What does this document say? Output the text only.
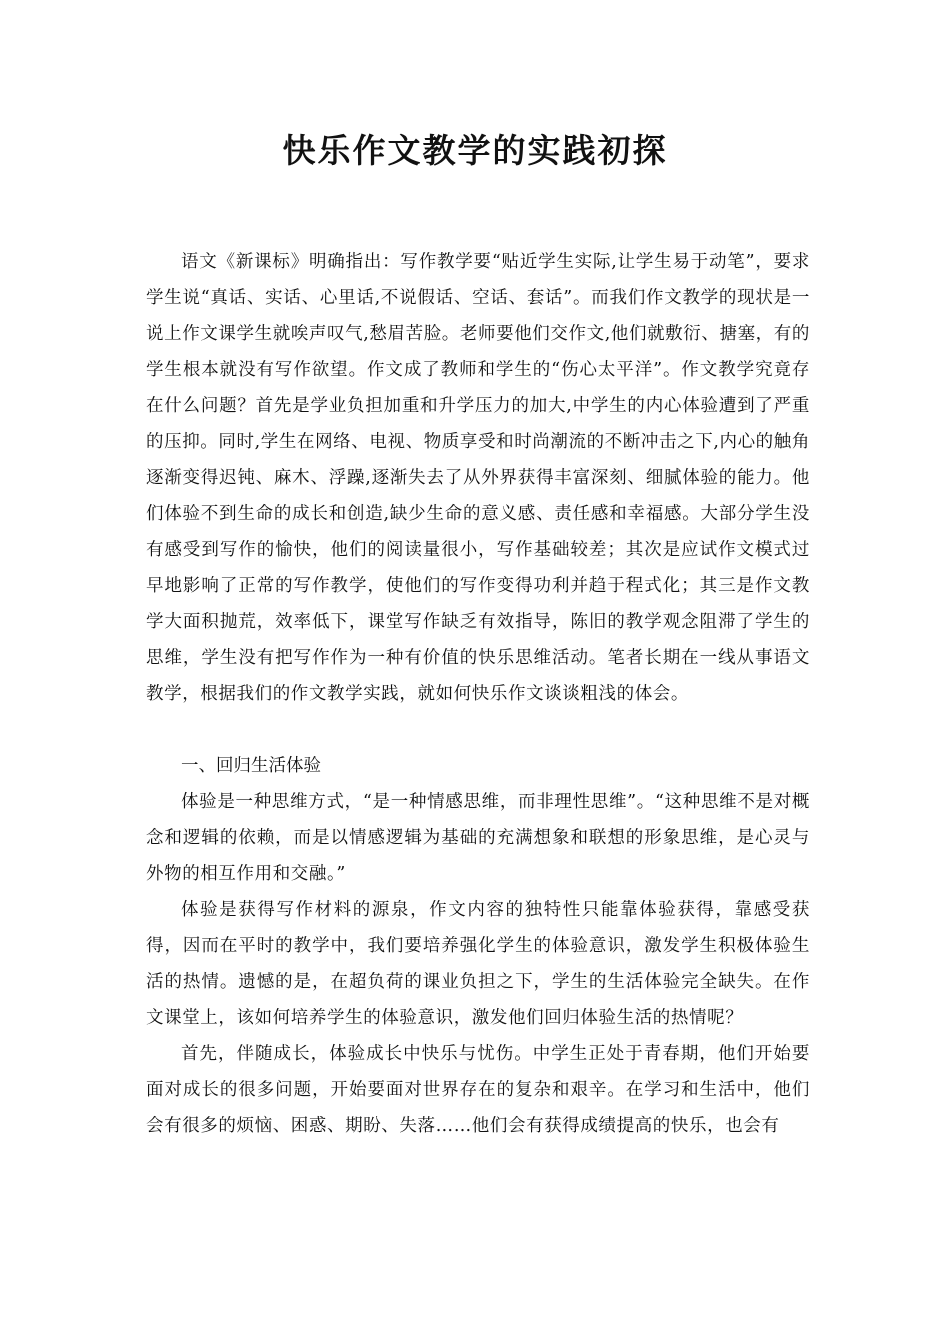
快乐作文教学的实践初探

语文《新课标》明确指出：写作教学要“贴近学生实际,让学生易于动笔”，要求学生说“真话、实话、心里话,不说假话、空话、套话”。而我们作文教学的现状是一说上作文课学生就唉声叹气,愁眉苦脸。老师要他们交作文,他们就敷衍、搪塞，有的学生根本就没有写作欲望。作文成了教师和学生的“伤心太平洋”。作文教学究竟存在什么问题？首先是学业负担加重和升学压力的加大,中学生的内心体验遭到了严重的压抑。同时,学生在网络、电视、物质享受和时尚潮流的不断冲击之下,内心的触角逐渐变得迟钝、麻木、浮躁,逐渐失去了从外界获得丰富深刻、细腻体验的能力。他们体验不到生命的成长和创造,缺少生命的意义感、责任感和幸福感。大部分学生没有感受到写作的愉快，他们的阅读量很小，写作基础较差；其次是应试作文模式过早地影响了正常的写作教学，使他们的写作变得功利并趋于程式化；其三是作文教学大面积抛荒，效率低下，课堂写作缺乏有效指导，陈旧的教学观念阻滞了学生的思维，学生没有把写作作为一种有价值的快乐思维活动。笔者长期在一线从事语文教学，根据我们的作文教学实践，就如何快乐作文谈谈粗浅的体会。

一、回归生活体验

体验是一种思维方式，“是一种情感思维，而非理性思维”。“这种思维不是对概念和逻辑的依赖，而是以情感逻辑为基础的充满想象和联想的形象思维，是心灵与外物的相互作用和交融。”

体验是获得写作材料的源泉，作文内容的独特性只能靠体验获得，靠感受获得，因而在平时的教学中，我们要培养强化学生的体验意识，激发学生积极体验生活的热情。遗憾的是，在超负荷的课业负担之下，学生的生活体验完全缺失。在作文课堂上，该如何培养学生的体验意识，激发他们回归体验生活的热情呢？

首先，伴随成长，体验成长中快乐与忧伤。中学生正处于青春期，他们开始要面对成长的很多问题，开始要面对世界存在的复杂和艰辛。在学习和生活中，他们会有很多的烦恼、困惑、期盼、失落……他们会有获得成绩提高的快乐，也会有
